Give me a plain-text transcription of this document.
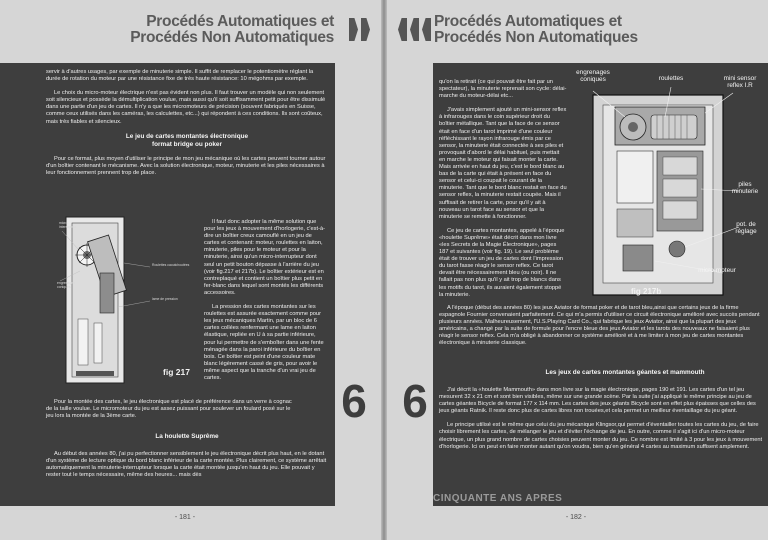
Procédés Automatiques et
Procédés Non Automatiques

servir à d'autres usages, par exemple de minuterie simple. Il suffit de remplacer le potentiomètre réglant la durée de rotation du moteur par une résistance fixe de très haute résistance: 10 mégohms par exemple.

Le choix du micro-moteur électrique n'est pas évident non plus. Il faut trouver un modèle qui non seulement soit silencieux et possède la démultiplication voulue, mais aussi qu'il soit suffisamment petit pour être dissimulé dans une partie d'un jeu de cartes. Il n'y a que les micromoteurs de précision (souvent fabriqués en Suisse, comme ceux utilisés dans les caméras, les calculettes, etc...) qui répondent à ces conditions. Ils sont coûteux, mais très fiables et silencieux.

Le jeu de cartes montantes électronique
format bridge ou poker

Pour ce format, plus moyen d'utiliser le principe de mon jeu mécanique où les cartes peuvent tourner autour d'un boîtier contenant le mécanisme. Avec la solution électronique, moteur, minuterie et les piles nécessaires à leur fonctionnement prennent trop de place.

micro-interrupteur
engrenages coniques
Roulettes caoutchoutées
lame de pression
fig 217

Il faut donc adopter la même solution que pour les jeux à mouvement d'horlogerie, c'est-à-dire un boîtier creux camouflé en un jeu de cartes et contenant: moteur, roulettes en laiton, minuterie, piles pour le moteur et pour la minuterie, ainsi qu'un micro-interrupteur dont seul un petit bouton dépasse à l'arrière du jeu (voir fig.217 et 217b). Le boîtier extérieur est en contreplaqué et contient un boîtier plus petit en fer-blanc dans lequel sont montés les différents accessoires.

La pression des cartes montantes sur les roulettes est assurée exactement comme pour les jeux mécaniques Martin, par un bloc de 6 cartes collées renfermant une lame en laiton élastique, repliée en U à sa partie inférieure, pour lui permettre de s'emboîter dans une fente ménagée dans la paroi inférieure du boîtier en bois. Ce boîtier est peint d'une couleur mate blanc légèrement cassé de gris, pour avoir le même aspect que la tranche d'un vrai jeu de cartes.

Pour la montée des cartes, le jeu électronique est placé de préférence dans un verre à cognac de la taille voulue. Le micromoteur du jeu est assez puissant pour soulever un foulard posé sur le jeu lors la montée de la 3ème carte.

La houlette Suprême

Au début des années 80, j'ai pu perfectionner sensiblement le jeu électronique décrit plus haut, en le dotant d'un système de lecture optique du bord blanc inférieur de la carte montée. Plus clairement, ce système arrêtait automatiquement la minuterie-interrupteur lorsque la carte était montée jusqu'en haut du jeu. Elle pouvait y rester tout le temps nécessaire, même des heures... mais dès

6
- 181 -
Procédés Automatiques et
Procédés Non Automatiques

qu'on la retirait (ce qui pouvait être fait par un spectateur), la minuterie reprenait son cycle: délai-marche du moteur-délai etc...

J'avais simplement ajouté un mini-sensor reflex à infrarouges dans le coin supérieur droit du boîtier métallique. Tant que la face de ce sensor était en face d'un tarot imprimé d'une couleur réfléchissant le rayon infrarouge émis par ce sensor, la minuterie était connectée à ses piles et provoquait d'abord le délai habituel, puis mettait en marche le moteur qui faisait monter la carte. Mais arrivée en haut du jeu, c'est le bord blanc au bas de la carte qui était à présent en face du sensor et celui-ci coupait le courant de la minuterie. Tant que le bord blanc restait en face du sensor reflex, la minuterie restait coupée. Mais il suffisait de retirer la carte, pour qu'il y ait à nouveau un tarot face au sensor et que la minuterie se remette à fonctionner.

Ce jeu de cartes montantes, appelé à l'époque «houlette Suprême» était décrit dans mon livre «les Secrets de la Magie Électronique», pages 187 et suivantes (voir fig. 19). Le seul problème était de trouver un jeu de cartes dont l'impression du tarot fasse réagir le sensor reflex. Ce tarot devait être nécessairement bleu (ou noir). Il ne fallait pas non plus qu'il y ait trop de blancs dans les motifs du tarot, ils auraient également stoppé la minuterie.

engrenages coniques	roulettes	mini sensor reflex I.R
piles minuterie
pot. de réglage
micro-moteur
fig 217b

A l'époque (début des années 80) les jeux Aviator de format poker et de tarot bleu,ainsi que certains jeux de la firme espagnole Fournier convenaient parfaitement. Ce qui m'a permis d'utiliser ce circuit électronique amélioré avec succès pendant plusieurs années. Malheureusement, l'U.S.Playing Card Co., qui fabrique les jeux Aviator, ainsi que la plupart des jeux américains, a changé par la suite de formule pour l'encre bleue des jeux Aviator et les tarots des nouveaux ne faisaient plus réagir le sensor reflex. Cela m'a obligé à abandonner ce système amélioré et à me limiter à mon jeu de cartes montantes électronique à minuterie classique.

Les jeux de cartes montantes géantes et mammouth

J'ai décrit la «houlette Mammouth» dans mon livre sur la magie électronique, pages 190 et 191. Les cartes d'un tel jeu mesurent 32 x 21 cm et sont bien visibles, même sur une grande scène. Par la suite j'ai appliqué le même principe au jeu de cartes géantes Bicycle de format 177 x 114 mm. Les cartes des jeux géants Bicycle sont en effet plus épaisses que celles des jeux géants Ratnik. Il reste donc plus de cartes libres non trouées,et cela permet un meilleur éventaillage du jeu géant.

Le principe utilisé est le même que celui du jeu mécanique Klingsor,qui permet d'éventailler toutes les cartes du jeu, de faire choisir librement les cartes, de mélanger le jeu et d'éviter l'échange de jeu. En outre, comme il s'agit ici d'un micro-moteur électrique, un plus grand nombre de cartes choisies peuvent monter du jeu. Ce nombre est limité à 3 pour les jeux à mouvement d'horlogerie. Ici on peut en faire monter autant qu'on voudra, bien qu'en général 4 cartes au maximum suffisent amplement.

6
CINQUANTE ANS APRES
- 182 -
